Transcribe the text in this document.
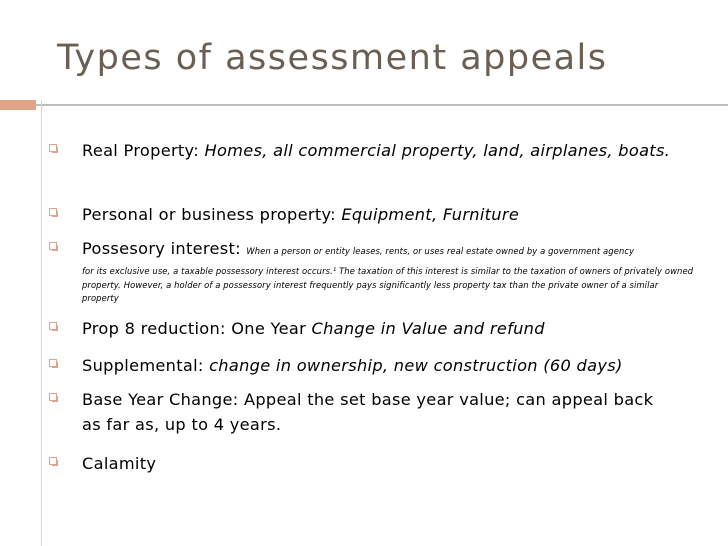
Types of assessment appeals
Real Property: Homes, all commercial property, land, airplanes, boats.
Personal or business property: Equipment, Furniture
Possesory interest: When a person or entity leases, rents, or uses real estate owned by a government agency
for its exclusive use, a taxable possessory interest occurs.¹ The taxation of this interest is similar to the taxation of owners of privately owned property. However, a holder of a possessory interest frequently pays significantly less property tax than the private owner of a similar property
Prop 8 reduction: One Year Change in Value and refund
Supplemental: change in ownership, new construction (60 days)
Base Year Change: Appeal the set base year value; can appeal back as far as, up to 4 years.
Calamity
